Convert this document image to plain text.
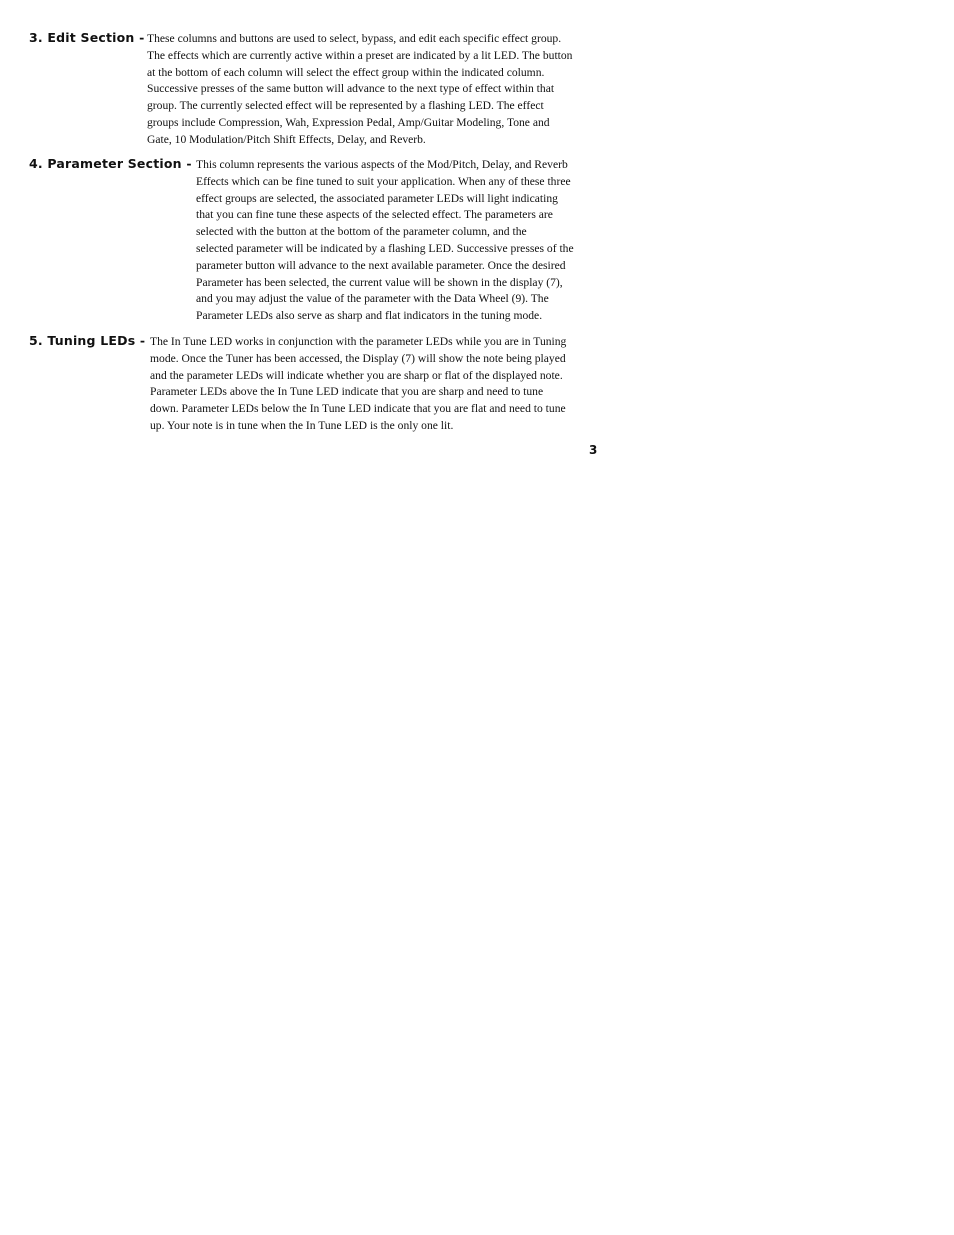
3. Edit Section - These columns and buttons are used to select, bypass, and edit each specific effect group.
The effects which are currently active within a preset are indicated by a lit LED. The button
at the bottom of each column will select the effect group within the indicated column.
Successive presses of the same button will advance to the next type of effect within that
group. The currently selected effect will be represented by a flashing LED. The effect
groups include Compression, Wah, Expression Pedal, Amp/Guitar Modeling, Tone and
Gate, 10 Modulation/Pitch Shift Effects, Delay, and Reverb.
4. Parameter Section - This column represents the various aspects of the Mod/Pitch, Delay, and Reverb
Effects which can be fine tuned to suit your application. When any of these three
effect groups are selected, the associated parameter LEDs will light indicating
that you can fine tune these aspects of the selected effect. The parameters are
selected with the button at the bottom of the parameter column, and the
selected parameter will be indicated by a flashing LED. Successive presses of the
parameter button will advance to the next available parameter. Once the desired
Parameter has been selected, the current value will be shown in the display (7),
and you may adjust the value of the parameter with the Data Wheel (9). The
Parameter LEDs also serve as sharp and flat indicators in the tuning mode.
5. Tuning LEDs - The In Tune LED works in conjunction with the parameter LEDs while you are in Tuning
mode. Once the Tuner has been accessed, the Display (7) will show the note being played
and the parameter LEDs will indicate whether you are sharp or flat of the displayed note.
Parameter LEDs above the In Tune LED indicate that you are sharp and need to tune
down. Parameter LEDs below the In Tune LED indicate that you are flat and need to tune
up. Your note is in tune when the In Tune LED is the only one lit.
3
